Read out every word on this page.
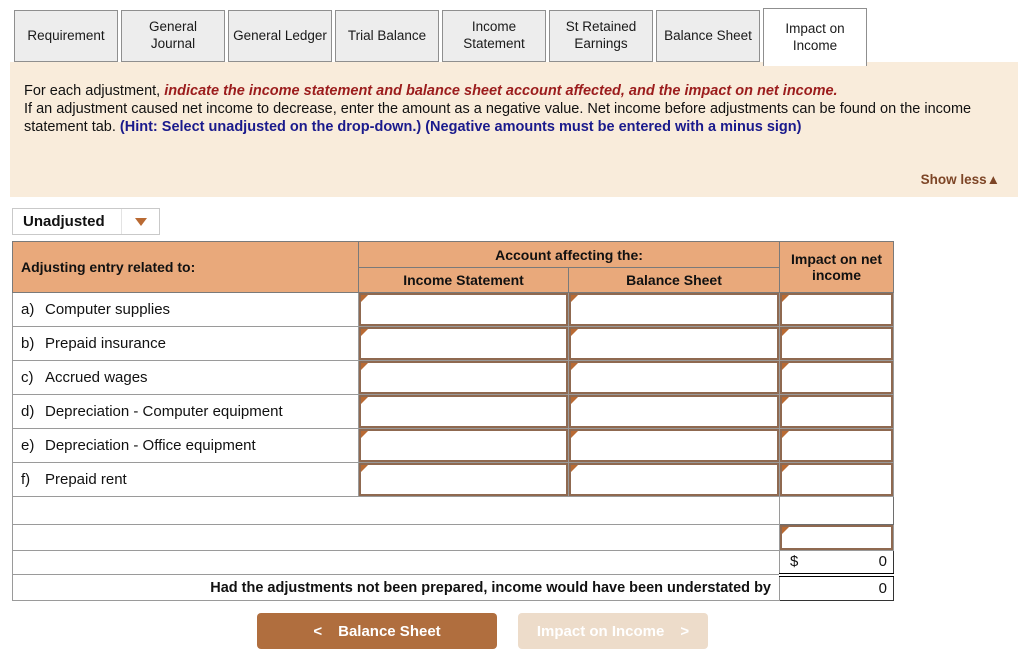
Requirement
General Journal
General Ledger	Trial Balance
Income Statement
St Retained Earnings
Balance Sheet	Impact on Income

For each adjustment, indicate the income statement and balance sheet account affected, and the impact on net income.
If an adjustment caused net income to decrease, enter the amount as a negative value. Net income before adjustments can be found on the income statement tab. (Hint: Select unadjusted on the drop-down.) (Negative amounts must be entered with a minus sign)

Show less▲
Unadjusted
Adjusting entry related to:	Account affecting the:		Impact on net income
	Income Statement	Balance Sheet	
a) Computer supplies	

b) Prepaid insurance	

c) Accrued wages	

d) Depreciation - Computer equipment	

e) Depreciation - Office equipment	

f) Prepaid rent	

			$ 0

Had the adjustments not been prepared, income would have been understated by			0
< Balance Sheet	Impact on Income >
